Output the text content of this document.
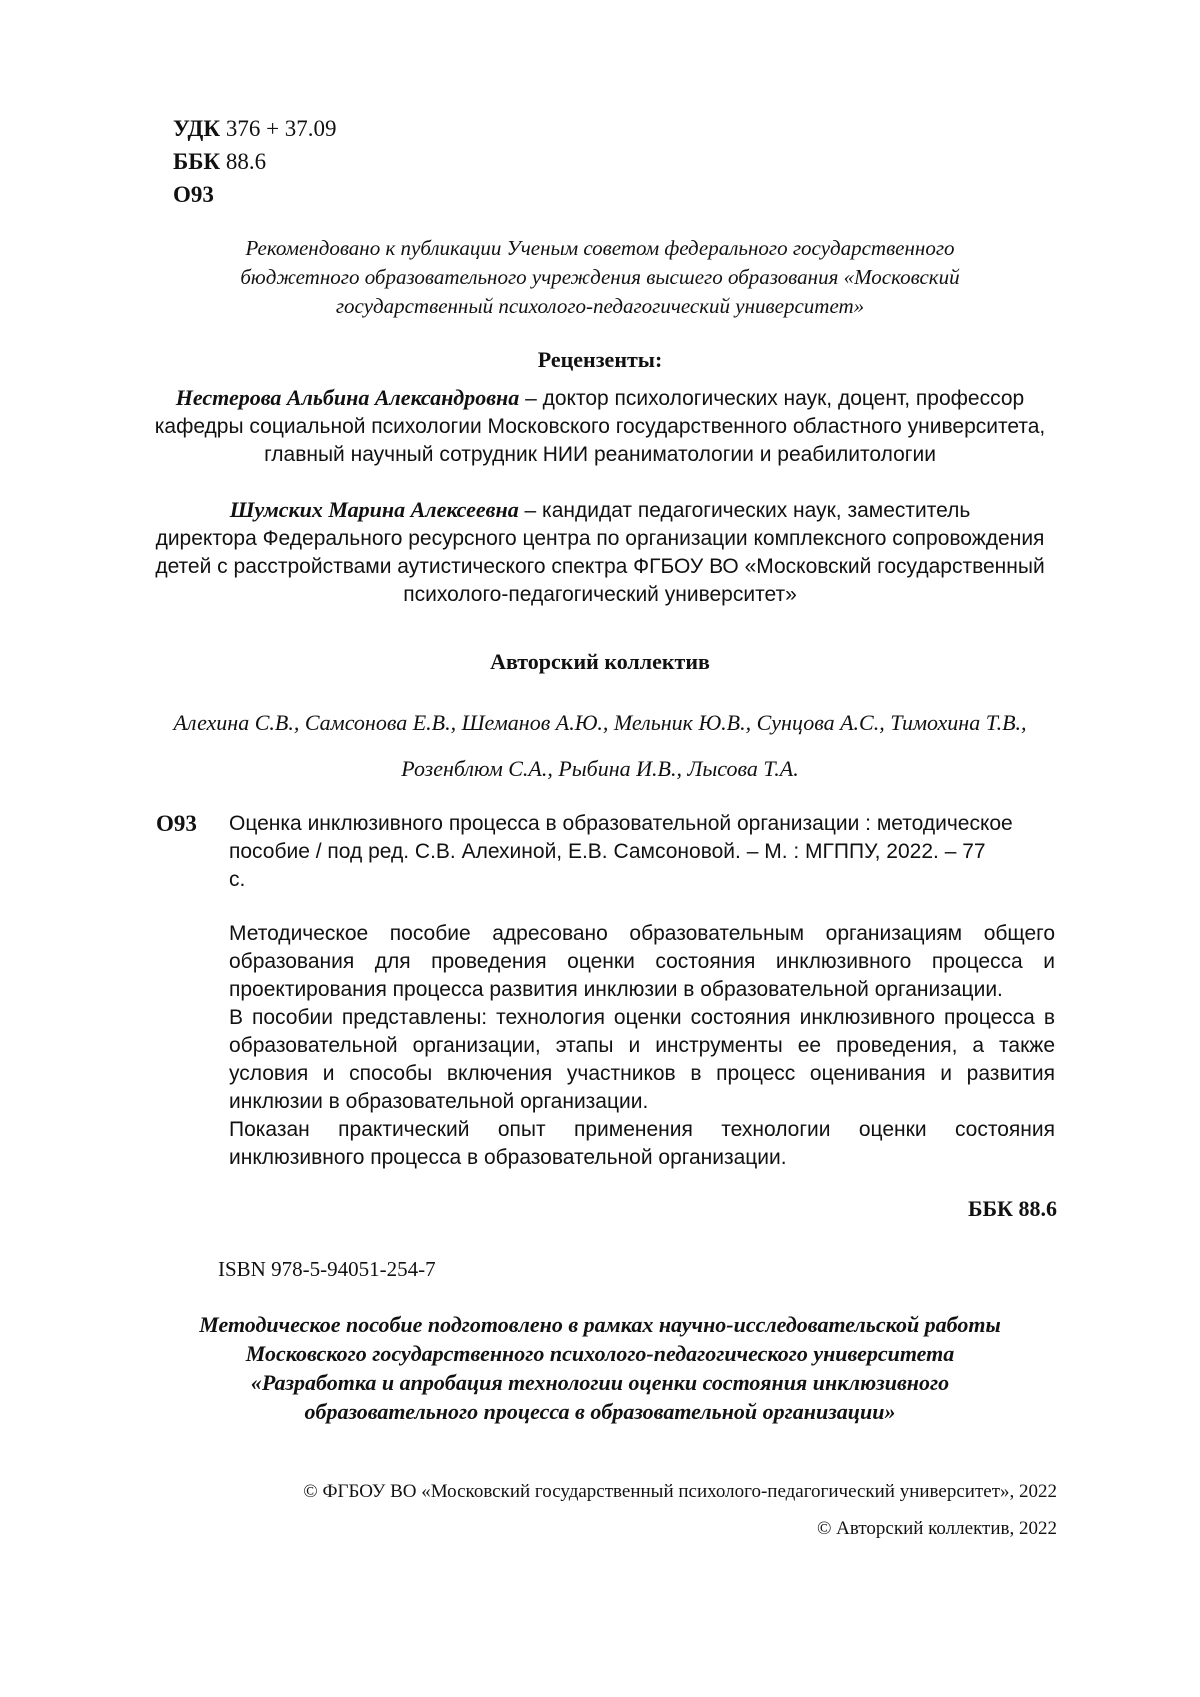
УДК 376 + 37.09
ББК 88.6
О93
Рекомендовано к публикации Ученым советом федерального государственного
бюджетного образовательного учреждения высшего образования «Московский
государственный психолого-педагогический университет»
Рецензенты:
Нестерова Альбина Александровна – доктор психологических наук, доцент, профессор
кафедры социальной психологии Московского государственного областного университета,
главный научный сотрудник НИИ реаниматологии и реабилитологии
Шумских Марина Алексеевна – кандидат педагогических наук, заместитель
директора Федерального ресурсного центра по организации комплексного сопровождения
детей с расстройствами аутистического спектра ФГБОУ ВО «Московский государственный
психолого-педагогический университет»
Авторский коллектив
Алехина С.В., Самсонова Е.В., Шеманов А.Ю., Мельник Ю.В., Сунцова А.С., Тимохина Т.В.,
Розенблюм С.А., Рыбина И.В., Лысова Т.А.
О93 Оценка инклюзивного процесса в образовательной организации : методическое
пособие / под ред. С.В. Алехиной, Е.В. Самсоновой. – М. : МГППУ, 2022. – 77
с.

Методическое пособие адресовано образовательным организациям общего образования для проведения оценки состояния инклюзивного процесса и проектирования процесса развития инклюзии в образовательной организации.

В пособии представлены: технология оценки состояния инклюзивного процесса в образовательной организации, этапы и инструменты ее проведения, а также условия и способы включения участников в процесс оценивания и развития инклюзии в образовательной организации.

Показан практический опыт применения технологии оценки состояния инклюзивного процесса в образовательной организации.

ББК 88.6
ISBN 978-5-94051-254-7
Методическое пособие подготовлено в рамках научно-исследовательской работы
Московского государственного психолого-педагогического университета
«Разработка и апробация технологии оценки состояния инклюзивного
образовательного процесса в образовательной организации»
© ФГБОУ ВО «Московский государственный психолого-педагогический университет», 2022
© Авторский коллектив, 2022
